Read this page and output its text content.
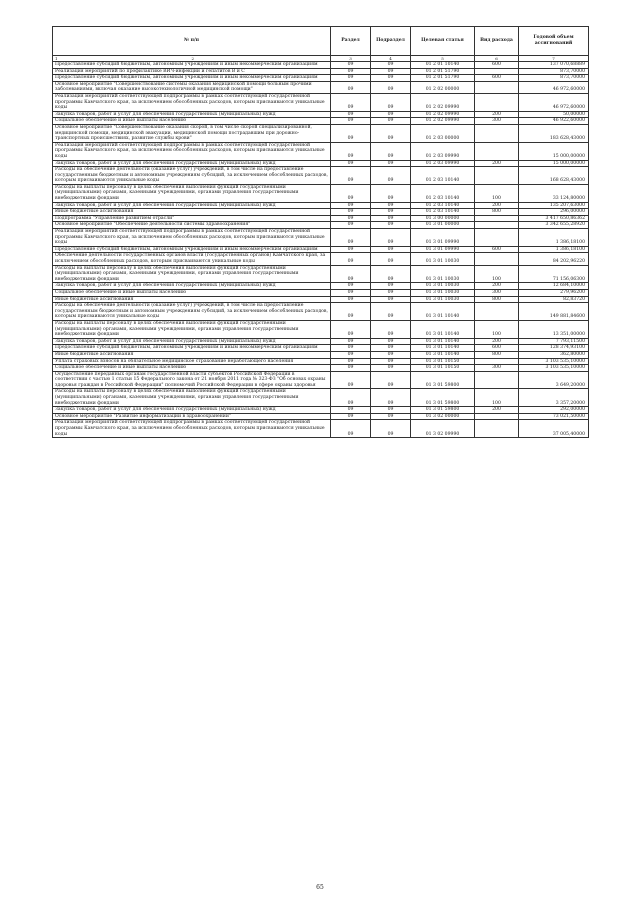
№ п/п	Раздел	Подраздел	Целевая статья	Вид расхода	Годовой объем ассигнований

1 2	3	4	5	6	7
Предоставление субсидий бюджетным, автономным учреждениям и иным некоммерческим организациям	09	09	01 2 01 10140	600	137 070,68889
Реализация мероприятий по профилактике ВИЧ-инфекции и гепатитов В и С	09	09	01 2 01 51790		873,70000
Предоставление субсидий бюджетным, автономным учреждениям и иным некоммерческим организациям	09	09	01 2 01 51790	600	873,70000
Основное мероприятие "Совершенствование системы оказания медицинской помощи больным прочими заболеваниями, включая оказание высокотехнологичной медицинской помощи"	09	09	01 2 02 00000		46 972,60000
Реализация мероприятий соответствующей подпрограммы в рамках соответствующей государственной программы Камчатского края, за исключением обособленных расходов, которым присваиваются уникальные коды	09	09	01 2 02 09990		46 972,60000
Закупка товаров, работ и услуг для обеспечения государственных (муниципальных) нужд	09	09	01 2 02 09990	200	50,00000
Социальное обеспечение и иные выплаты населению	09	09	01 2 02 09990	300	46 922,60000
Основное мероприятие "Совершенствование оказания скорой, в том числе скорой специализированной, медицинской помощи, медицинской эвакуации, медицинской помощи пострадавшим при дорожно-транспортных происшествиях, развитие службы крови"	09	09	01 2 03 00000		183 628,43000
Реализация мероприятий соответствующей подпрограммы в рамках соответствующей государственной программы Камчатского края, за исключением обособленных расходов, которым присваиваются уникальные коды	09	09	01 2 03 09990		15 000,00000
Закупка товаров, работ и услуг для обеспечения государственных (муниципальных) нужд	09	09	01 2 03 09990	200	15 000,00000
Расходы на обеспечение деятельности (оказание услуг) учреждений, в том числе на предоставление государственным бюджетным и автономным учреждениям субсидий, за исключением обособленных расходов, которым присваиваются уникальные коды	09	09	01 2 03 10140		168 628,43000
Расходы на выплаты персоналу в целях обеспечения выполнения функций государственными (муниципальными) органами, казенными учреждениями, органами управления государственными внебюджетными фондами	09	09	01 2 03 10140	100	33 124,80000
Закупка товаров, работ и услуг для обеспечения государственных (муниципальных) нужд	09	09	01 2 03 10140	200	135 207,63000
Иные бюджетные ассигнования	09	09	01 2 03 10140	800	296,00000
Подпрограмма "Управление развитием отрасли"	09	09	01 3 00 00000		3 417 650,86362
Основное мероприятие "Обеспечение деятельности системы здравоохранения"	09	09	01 3 01 00000		3 342 655,28920
Реализация мероприятий соответствующей подпрограммы в рамках соответствующей государственной программы Камчатского края, за исключением обособленных расходов, которым присваиваются уникальные коды	09	09	01 3 01 09990		1 386,18100
Предоставление субсидий бюджетным, автономным учреждениям и иным некоммерческим организациям	09	09	01 3 01 09990	600	1 386,18100
Обеспечение деятельности государственных органов власти (государственных органов) Камчатского края, за исключением обособленных расходов, которым присваиваются уникальные коды	09	09	01 3 01 10030		84 202,96220
Расходы на выплаты персоналу в целях обеспечения выполнения функций государственными (муниципальными) органами, казенными учреждениями, органами управления государственными внебюджетными фондами	09	09	01 3 01 10030	100	71 156,06300
Закупка товаров, работ и услуг для обеспечения государственных (муниципальных) нужд	09	09	01 3 01 10030	200	12 684,10000
Социальное обеспечение и иные выплаты населению	09	09	01 3 01 10030	300	279,96200
Иные бюджетные ассигнования	09	09	01 3 01 10030	800	82,83720
Расходы на обеспечение деятельности (оказание услуг) учреждений, в том числе на предоставление государственным бюджетным и автономным учреждениям субсидий, за исключением обособленных расходов, которым присваиваются уникальные коды	09	09	01 3 01 10140		149 881,84600
Расходы на выплаты персоналу в целях обеспечения выполнения функций государственными (муниципальными) органами, казенными учреждениями, органами управления государственными внебюджетными фондами	09	09	01 3 01 10140	100	13 351,00000
Закупка товаров, работ и услуг для обеспечения государственных (муниципальных) нужд	09	09	01 3 01 10140	200	7 793,11500
Предоставление субсидий бюджетным, автономным учреждениям и иным некоммерческим организациям	09	09	01 3 01 10140	600	128 374,93100
Иные бюджетные ассигнования	09	09	01 3 01 10140	800	362,80000
Уплата страховых взносов на обязательное медицинское страхование неработающего населения	09	09	01 3 01 10150		3 103 535,10000
Социальное обеспечение и иные выплаты населению	09	09	01 3 01 10150	300	3 103 535,10000
Осуществление переданных органам государственной власти субъектов Российской Федерации в соответствии с частью 1 статьи 15 Федерального закона от 21 ноября 2011 года № 323-ФЗ "Об основах охраны здоровья граждан в Российской Федерации" полномочий Российской Федерации в сфере охраны здоровья	09	09	01 3 01 59800		3 649,20000
Расходы на выплаты персоналу в целях обеспечения выполнения функций государственными (муниципальными) органами, казенными учреждениями, органами управления государственными внебюджетными фондами	09	09	01 3 01 59800	100	3 357,20000
Закупка товаров, работ и услуг для обеспечения государственных (муниципальных) нужд	09	09	01 3 01 59800	200	292,00000
Основное мероприятие "Развитие информатизации в здравоохранении"	09	09	01 3 02 00000		73 021,50000
Реализация мероприятий соответствующей подпрограммы в рамках соответствующей государственной программы Камчатского края, за исключением обособленных расходов, которым присваиваются уникальные коды	09	09	01 3 02 09990		37 005,40000
65
